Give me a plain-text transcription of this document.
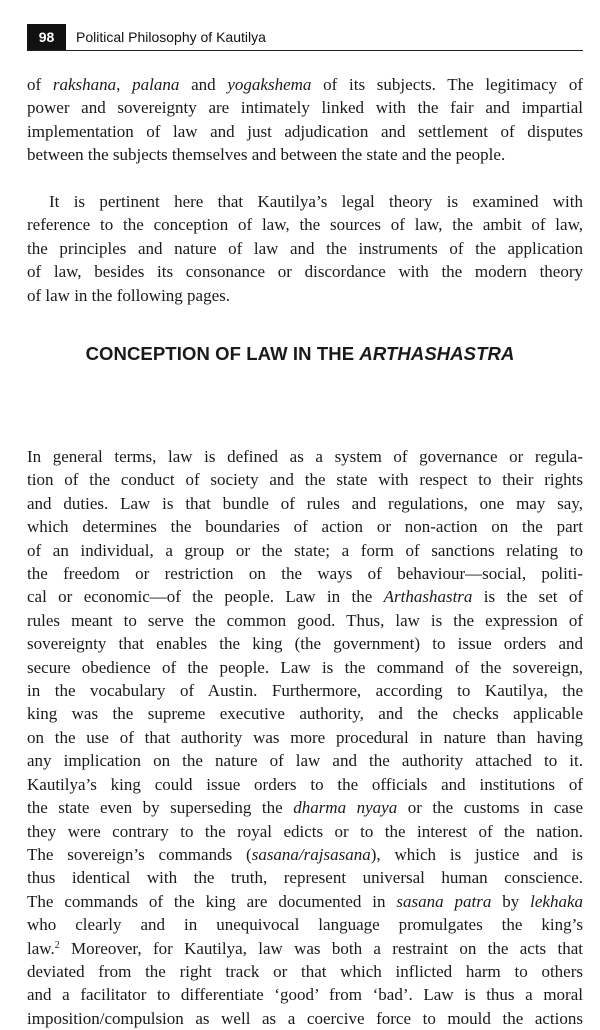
98	Political Philosophy of Kautilya

of rakshana, palana and yogakshema of its subjects. The legitimacy of
power and sovereignty are intimately linked with the fair and impartial
implementation of law and just adjudication and settlement of disputes
between the subjects themselves and between the state and the people.

It is pertinent here that Kautilya’s legal theory is examined with
reference to the conception of law, the sources of law, the ambit of law,
the principles and nature of law and the instruments of the application
of law, besides its consonance or discordance with the modern theory
of law in the following pages.

CONCEPTION OF LAW IN THE ARTHASHASTRA

In general terms, law is defined as a system of governance or regula-
tion of the conduct of society and the state with respect to their rights
and duties. Law is that bundle of rules and regulations, one may say,
which determines the boundaries of action or non-action on the part
of an individual, a group or the state; a form of sanctions relating to
the freedom or restriction on the ways of behaviour—social, politi-
cal or economic—of the people. Law in the Arthashastra is the set of
rules meant to serve the common good. Thus, law is the expression of
sovereignty that enables the king (the government) to issue orders and
secure obedience of the people. Law is the command of the sovereign,
in the vocabulary of Austin. Furthermore, according to Kautilya, the
king was the supreme executive authority, and the checks applicable
on the use of that authority was more procedural in nature than having
any implication on the nature of law and the authority attached to it.
Kautilya’s king could issue orders to the officials and institutions of
the state even by superseding the dharma nyaya or the customs in case
they were contrary to the royal edicts or to the interest of the nation.
The sovereign’s commands (sasana/rajsasana), which is justice and is
thus identical with the truth, represent universal human conscience.
The commands of the king are documented in sasana patra by lekhaka
who clearly and in unequivocal language promulgates the king’s
law.$^2$ Moreover, for Kautilya, law was both a restraint on the acts that
deviated from the right track or that which inflicted harm to others
and a facilitator to differentiate ‘good’ from ‘bad’. Law is thus a moral
imposition/compulsion as well as a coercive force to mould the actions
